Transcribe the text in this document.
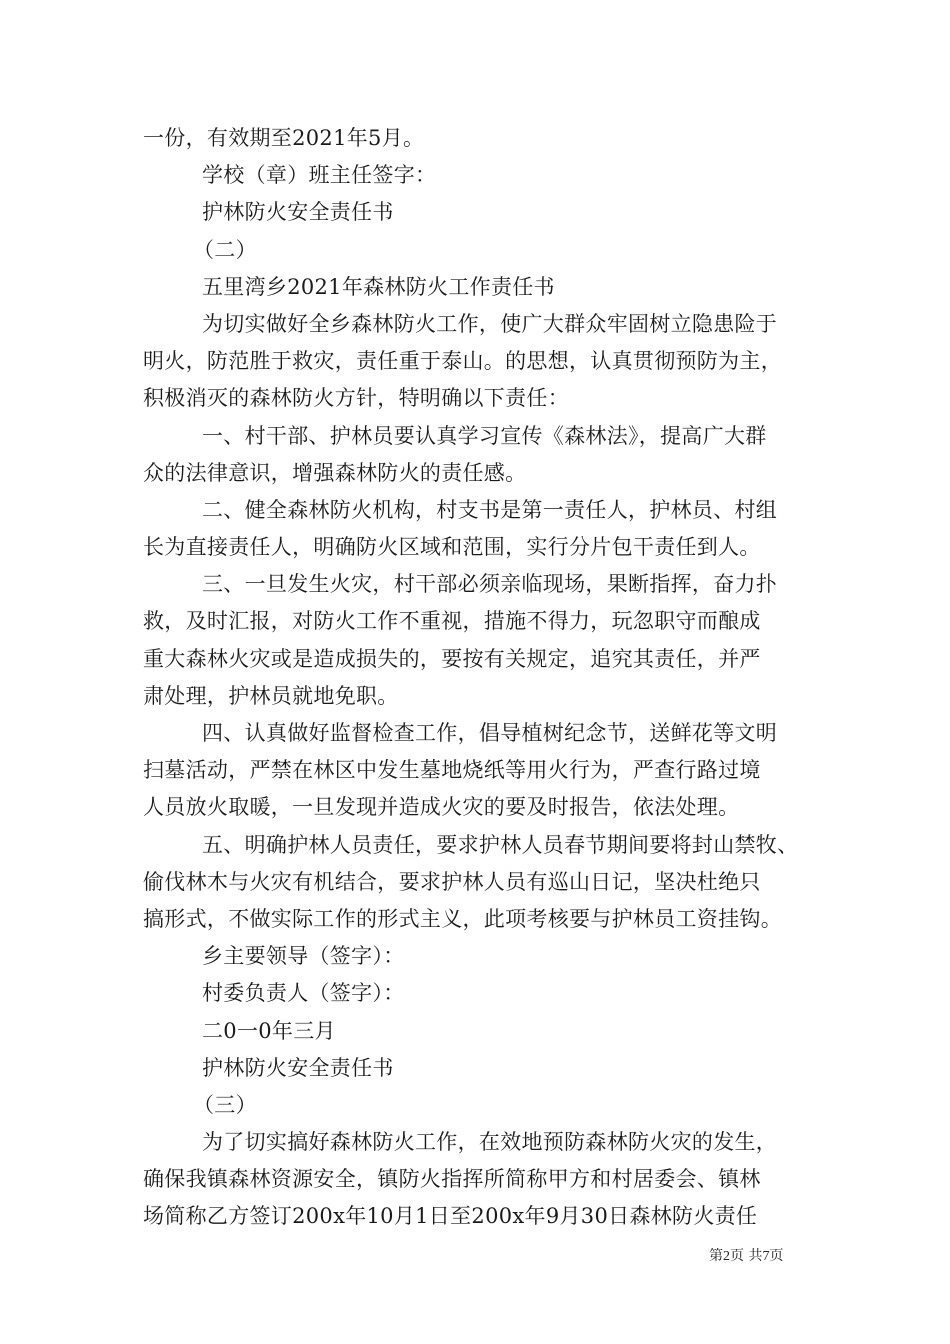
一份，有效期至2021年5月。
学校（章）班主任签字：
护林防火安全责任书
（二）
五里湾乡2021年森林防火工作责任书
为切实做好全乡森林防火工作，使广大群众牢固树立隐患险于
明火，防范胜于救灾，责任重于泰山。的思想，认真贯彻预防为主，
积极消灭的森林防火方针，特明确以下责任：
一、村干部、护林员要认真学习宣传《森林法》，提高广大群
众的法律意识，增强森林防火的责任感。
二、健全森林防火机构，村支书是第一责任人，护林员、村组
长为直接责任人，明确防火区域和范围，实行分片包干责任到人。
三、一旦发生火灾，村干部必须亲临现场，果断指挥，奋力扑
救，及时汇报，对防火工作不重视，措施不得力，玩忽职守而酿成
重大森林火灾或是造成损失的，要按有关规定，追究其责任，并严
肃处理，护林员就地免职。
四、认真做好监督检查工作，倡导植树纪念节，送鲜花等文明
扫墓活动，严禁在林区中发生墓地烧纸等用火行为，严查行路过境
人员放火取暖，一旦发现并造成火灾的要及时报告，依法处理。
五、明确护林人员责任，要求护林人员春节期间要将封山禁牧、
偷伐林木与火灾有机结合，要求护林人员有巡山日记，坚决杜绝只
搞形式，不做实际工作的形式主义，此项考核要与护林员工资挂钩。
乡主要领导（签字）：
村委负责人（签字）：
二0一0年三月
护林防火安全责任书
（三）
为了切实搞好森林防火工作，在效地预防森林防火灾的发生，
确保我镇森林资源安全，镇防火指挥所简称甲方和村居委会、镇林
场简称乙方签订200x年10月1日至200x年9月30日森林防火责任
第2页 共7页
